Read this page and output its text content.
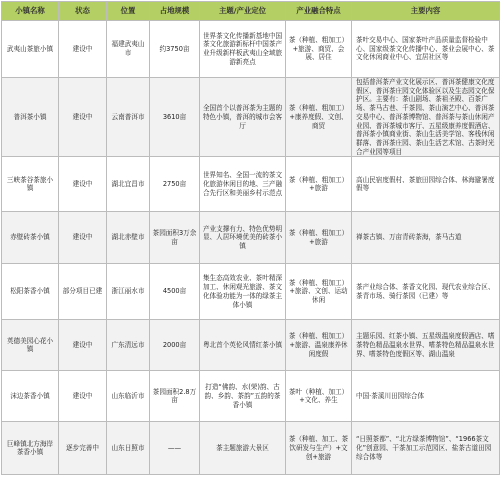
小镇名称	状态	位置	占地规模	主题/产业定位	产业融合特点	主要内容
武夷山茶旅小镇	建设中	福建武夷山市	约3750亩	世界茶文化传播新基地中国茶文化旅游新标杆中国茶产业升级新样板武夷山全域旅游新亮点	茶（种植、粗加工）+旅游、商贸、会展、居住	茶叶交易中心、国家茶叶产品质量监督检验中心、国家级茶文化传播中心、茶业会展中心、茶文化休闲商业中心、宜居社区等
普洱茶小镇	建设中	云南普洱市	3610亩	全国首个以普洱茶为主题的特色小镇，普洱的城市会客厅	茶（种植、粗加工）+康养度假、文创、商贸	包括普洱茶产业文化展示区、普洱茶健康文化度假区、普洱茶庄园文化体验区以及生态园文化保护区。主要有：茶山剧场、茶祖圣殿、百茶广场、茶马古巷、千茶园、茶山演艺中心、普洱茶交易中心、普洱茶博物馆、普洱茶与茶山休闲产业园、普洱茶城市客厅、五星级康养度假酒店、普洱茶小镇商业街、茶山生活美学馆、客栈休闲群落、普洱茶庄园、茶山生活艺术馆、古茶时光合产业园等项目
三峡茶谷茶旅小镇	建设中	湖北宜昌市	2750亩	世界知名、全国一流的茶文化旅游休闲目的地、三产融合先行区和美丽乡村示范点	茶（种植、粗加工）+旅游	高山民宿度假村、茶旅田园综合体、林海避暑度假等
赤壁砖茶小镇	建设中	湖北赤壁市	茶园面积3万余亩	产业支撑有力、特色优势明显、人居环境优美的砖茶小镇	茶（种植、粗加工）+旅游	禅茶古镇、万亩青砖茶海，茶马古道
松阳茶香小镇	部分项目已建	浙江丽水市	4500亩	集生态高效农业、茶叶精深加工、休闲观光旅游、茶文化体验功能为一体的绿茶主体小镇	茶（种植、粗加工）+旅游、文创、运动休闲	茶产业综合体、茶香文化园、现代农业综合区、茶青市场、骑行茶园（已建）等
英德美园心花小镇	建设中	广东清远市	2000亩	粤北首个英伦风情红茶小镇	茶（种植、粗加工）+旅游、温泉康养休闲度假	主题乐园、红茶小镇、五星级温泉度假酒店、嗜茶特色精品温泉水世界、嗜茶特色精品温泉水世界、嗜茶特色度假区等、湖山温泉
沫边茶香小镇	建设中	山东临沂市	茶园面积2.8万亩	打造“佛韵、水(荣)韵、古韵、乡韵、茶韵”五韵的茶香小镇	茶叶（种植、加工）+文化、养生	中国·茶溪川田园综合体
巨峰镇北方海岸茶香小镇	逐步完善中	山东日照市	——	茶主题旅游大景区	茶（种植、加工、茶饮研发与生产）+文创+旅游	“日照茶都”、“北方绿茶博物馆”、“1966茶文化”创意园、干茶加工示范园区、盐茶古道田园综合体等
